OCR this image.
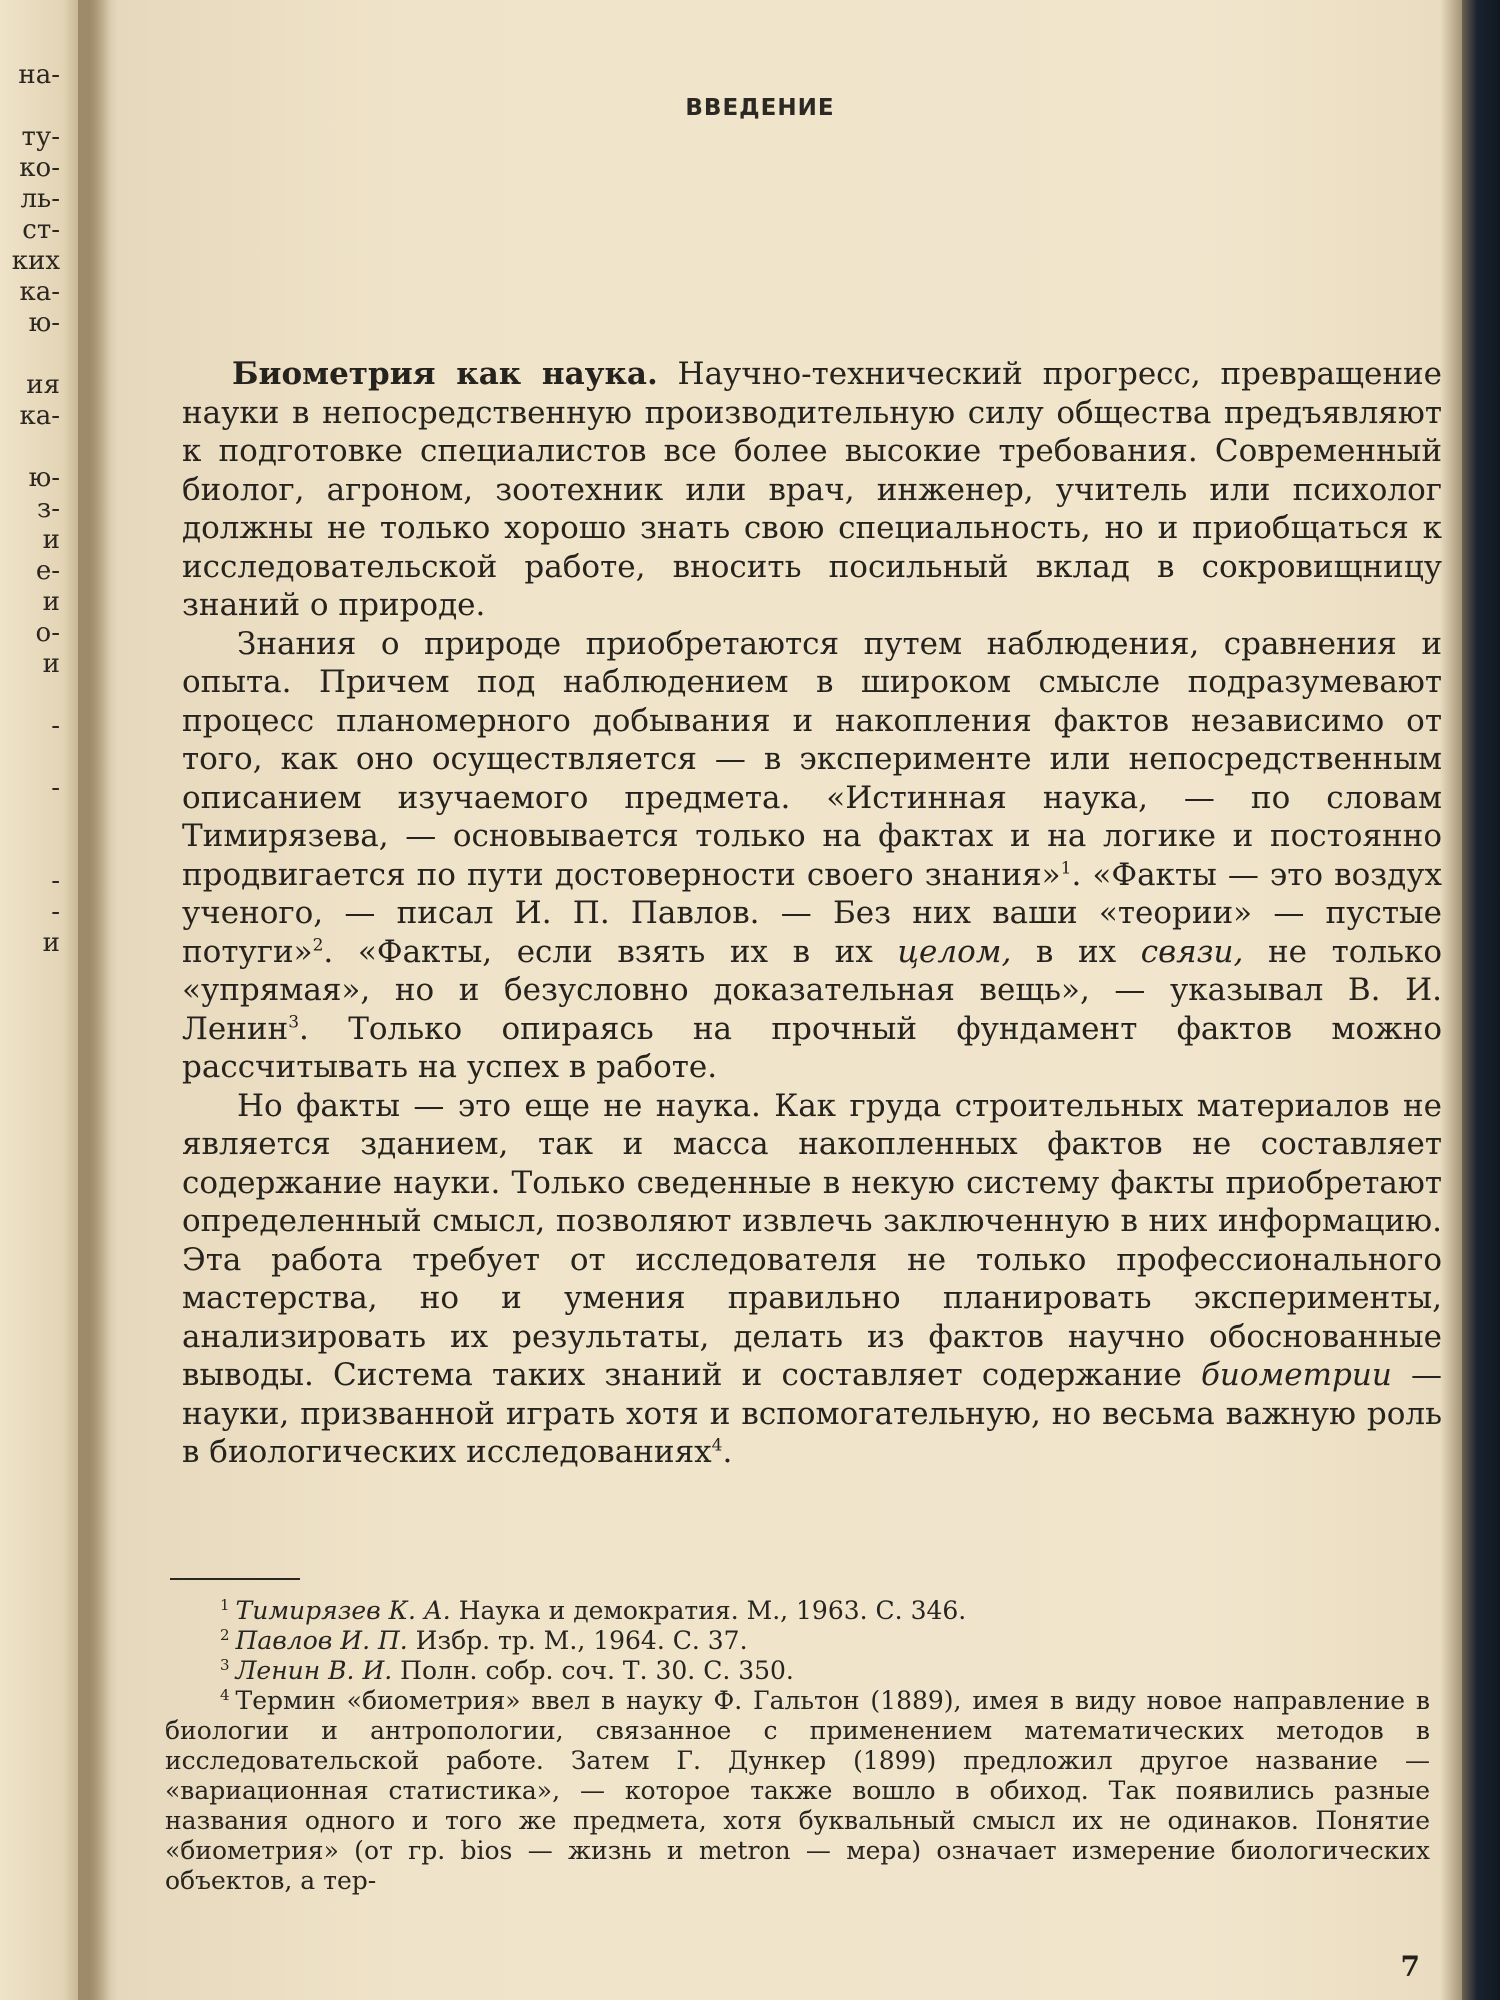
на-
ту-
ко-
ль-
ст-
ких
ка-
ю-
ия
ка-
ю-
з-
и
е-
и
о-
и
-
-
-
-
и
ВВЕДЕНИЕ

Биометрия как наука. Научно-технический прогресс, превращение науки в непосредственную производительную силу общества предъявляют к подготовке специалистов все более высокие требования. Современный биолог, агроном, зоотехник или врач, инженер, учитель или психолог должны не только хорошо знать свою специальность, но и приобщаться к исследовательской работе, вносить посильный вклад в сокровищницу знаний о природе.

Знания о природе приобретаются путем наблюдения, сравнения и опыта. Причем под наблюдением в широком смысле подразумевают процесс планомерного добывания и накопления фактов независимо от того, как оно осуществляется — в эксперименте или непосредственным описанием изучаемого предмета. «Истинная наука, — по словам Тимирязева, — основывается только на фактах и на логике и постоянно продвигается по пути достоверности своего знания»$^1$. «Факты — это воздух ученого, — писал И. П. Павлов. — Без них ваши «теории» — пустые потуги»$^2$. «Факты, если взять их в их целом, в их связи, не только «упрямая», но и безусловно доказательная вещь», — указывал В. И. Ленин$^3$. Только опираясь на прочный фундамент фактов можно рассчитывать на успех в работе.

Но факты — это еще не наука. Как груда строительных материалов не является зданием, так и масса накопленных фактов не составляет содержание науки. Только сведенные в некую систему факты приобретают определенный смысл, позволяют извлечь заключенную в них информацию. Эта работа требует от исследователя не только профессионального мастерства, но и умения правильно планировать эксперименты, анализировать их результаты, делать из фактов научно обоснованные выводы. Система таких знаний и составляет содержание биометрии — науки, призванной играть хотя и вспомогательную, но весьма важную роль в биологических исследованиях$^4$.

$^1$ Тимирязев К. А. Наука и демократия. М., 1963. С. 346.

$^2$ Павлов И. П. Избр. тр. М., 1964. С. 37.

$^3$ Ленин В. И. Полн. собр. соч. Т. 30. С. 350.

$^4$ Термин «биометрия» ввел в науку Ф. Гальтон (1889), имея в виду новое направление в биологии и антропологии, связанное с применением математических методов в исследовательской работе. Затем Г. Дункер (1899) предложил другое название — «вариационная статистика», — которое также вошло в обиход. Так появились разные названия одного и того же предмета, хотя буквальный смысл их не одинаков. Понятие «биометрия» (от гр. bios — жизнь и metron — мера) означает измерение биологических объектов, а тер-

7
